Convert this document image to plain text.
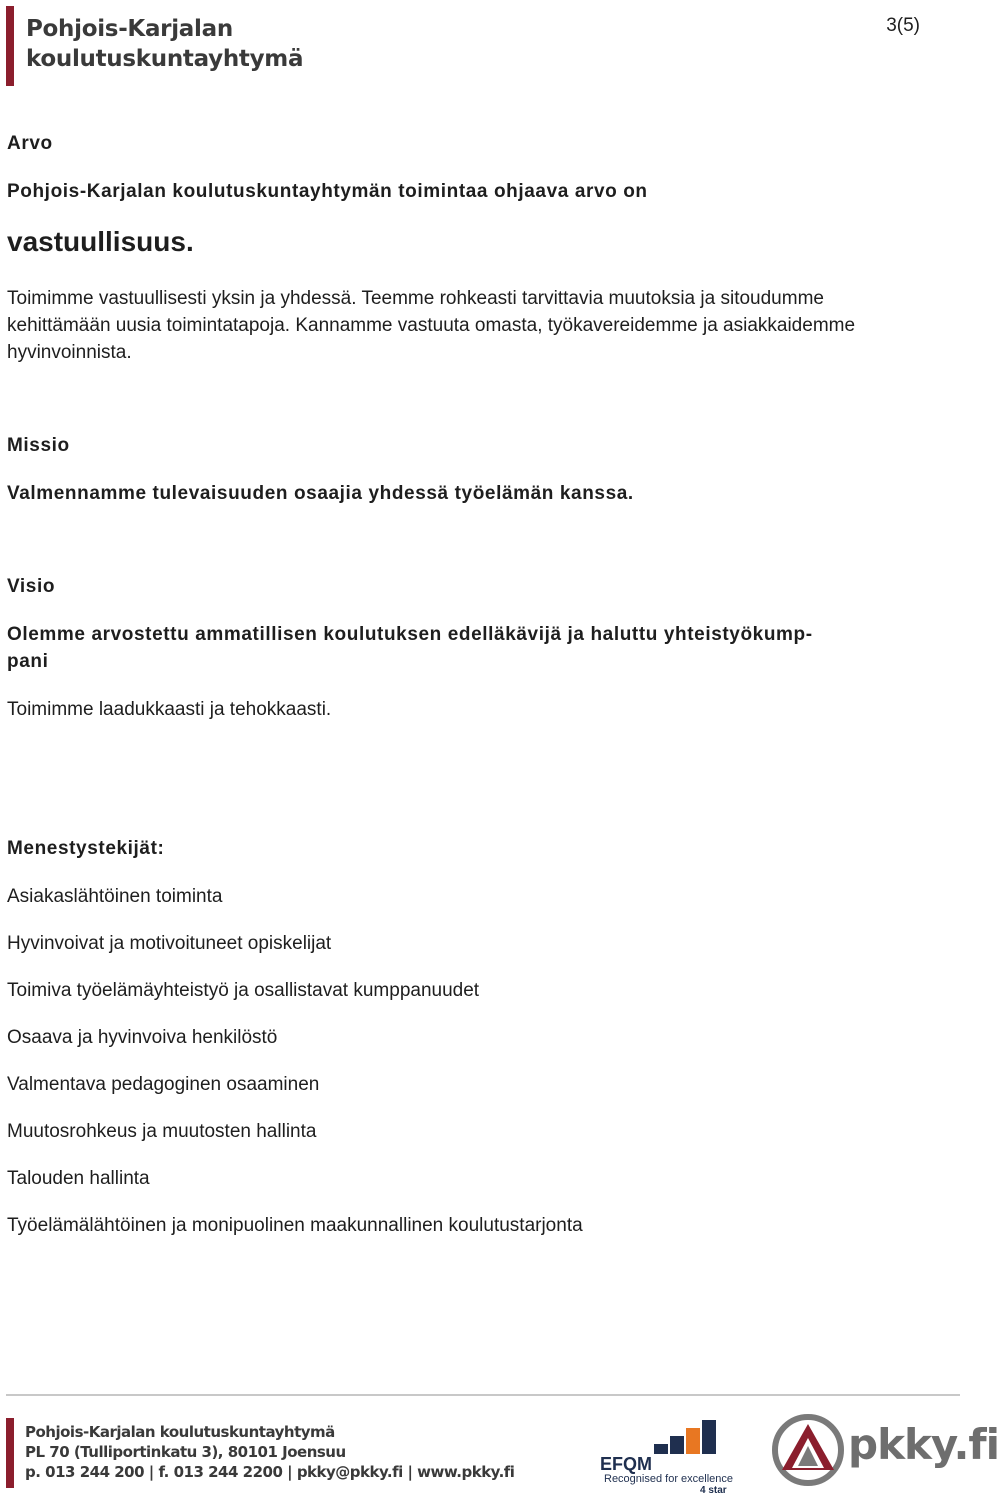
Pohjois-Karjalan
koulutuskuntayhtymä
3(5)

Arvo

Pohjois-Karjalan koulutuskuntayhtymän toimintaa ohjaava arvo on

vastuullisuus.

Toimimme vastuullisesti yksin ja yhdessä. Teemme rohkeasti tarvittavia muutoksia ja sitoudumme

kehittämään uusia toimintatapoja. Kannamme vastuuta omasta, työkavereidemme ja asiakkaidemme

hyvinvoinnista.

Missio

Valmennamme tulevaisuuden osaajia yhdessä työelämän kanssa.

Visio

Olemme arvostettu ammatillisen koulutuksen edelläkävijä ja haluttu yhteistyökump-

pani

Toimimme laadukkaasti ja tehokkaasti.

Menestystekijät:

Asiakaslähtöinen toiminta

Hyvinvoivat ja motivoituneet opiskelijat

Toimiva työelämäyhteistyö ja osallistavat kumppanuudet

Osaava ja hyvinvoiva henkilöstö

Valmentava pedagoginen osaaminen

Muutosrohkeus ja muutosten hallinta

Talouden hallinta

Työelämälähtöinen ja monipuolinen maakunnallinen koulutustarjonta

Pohjois-Karjalan koulutuskuntayhtymä
PL 70 (Tulliportinkatu 3), 80101 Joensuu
p. 013 244 200 | f. 013 244 2200 | pkky@pkky.fi | www.pkky.fi	EFQM
Recognised for excellence
4 star
pkky.fi
